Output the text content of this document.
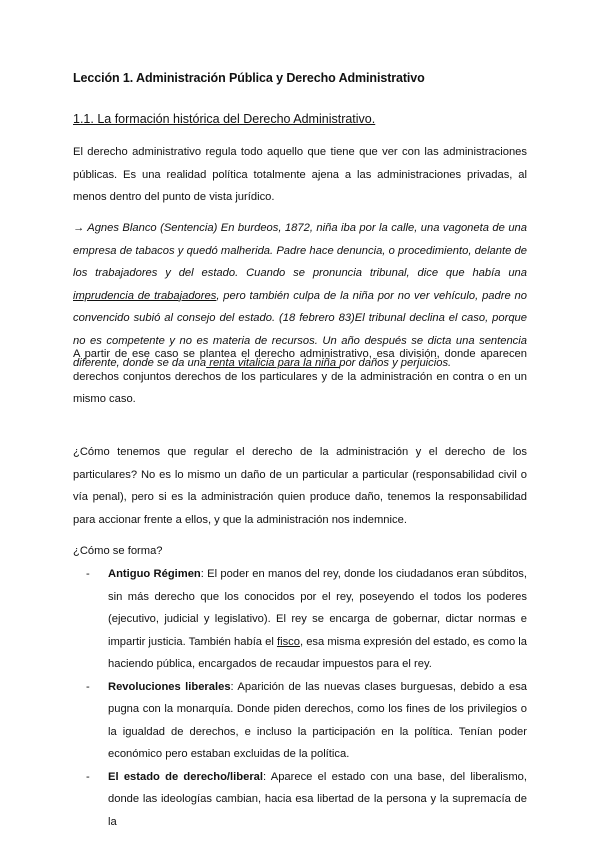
Lección 1. Administración Pública y Derecho Administrativo
1.1. La formación histórica del Derecho Administrativo.

El derecho administrativo regula todo aquello que tiene que ver con las administraciones públicas. Es una realidad política totalmente ajena a las administraciones privadas, al menos dentro del punto de vista jurídico.

→ Agnes Blanco (Sentencia) En burdeos, 1872, niña iba por la calle, una vagoneta de una empresa de tabacos y quedó malherida. Padre hace denuncia, o procedimiento, delante de los trabajadores y del estado. Cuando se pronuncia tribunal, dice que había una imprudencia de trabajadores, pero también culpa de la niña por no ver vehículo, padre no convencido subió al consejo del estado. (18 febrero 83)El tribunal declina el caso, porque no es competente y no es materia de recursos. Un año después se dicta una sentencia diferente, donde se da una renta vitalicia para la niña por daños y perjuicios.

A partir de ese caso se plantea el derecho administrativo, esa división, donde aparecen derechos conjuntos derechos de los particulares y de la administración en contra o en un mismo caso.

¿Cómo tenemos que regular el derecho de la administración y el derecho de los particulares? No es lo mismo un daño de un particular a particular (responsabilidad civil o vía penal), pero si es la administración quien produce daño, tenemos la responsabilidad para accionar frente a ellos, y que la administración nos indemnice.

¿Cómo se forma?
- Antiguo Régimen: El poder en manos del rey, donde los ciudadanos eran súbditos, sin más derecho que los conocidos por el rey, poseyendo el todos los poderes (ejecutivo, judicial y legislativo). El rey se encarga de gobernar, dictar normas e impartir justicia. También había el fisco, esa misma expresión del estado, es como la haciendo pública, encargados de recaudar impuestos para el rey.
- Revoluciones liberales: Aparición de las nuevas clases burguesas, debido a esa pugna con la monarquía. Donde piden derechos, como los fines de los privilegios o la igualdad de derechos, e incluso la participación en la política. Tenían poder económico pero estaban excluidas de la política.
- El estado de derecho/liberal: Aparece el estado con una base, del liberalismo, donde las ideologías cambian, hacia esa libertad de la persona y la supremacía de la
